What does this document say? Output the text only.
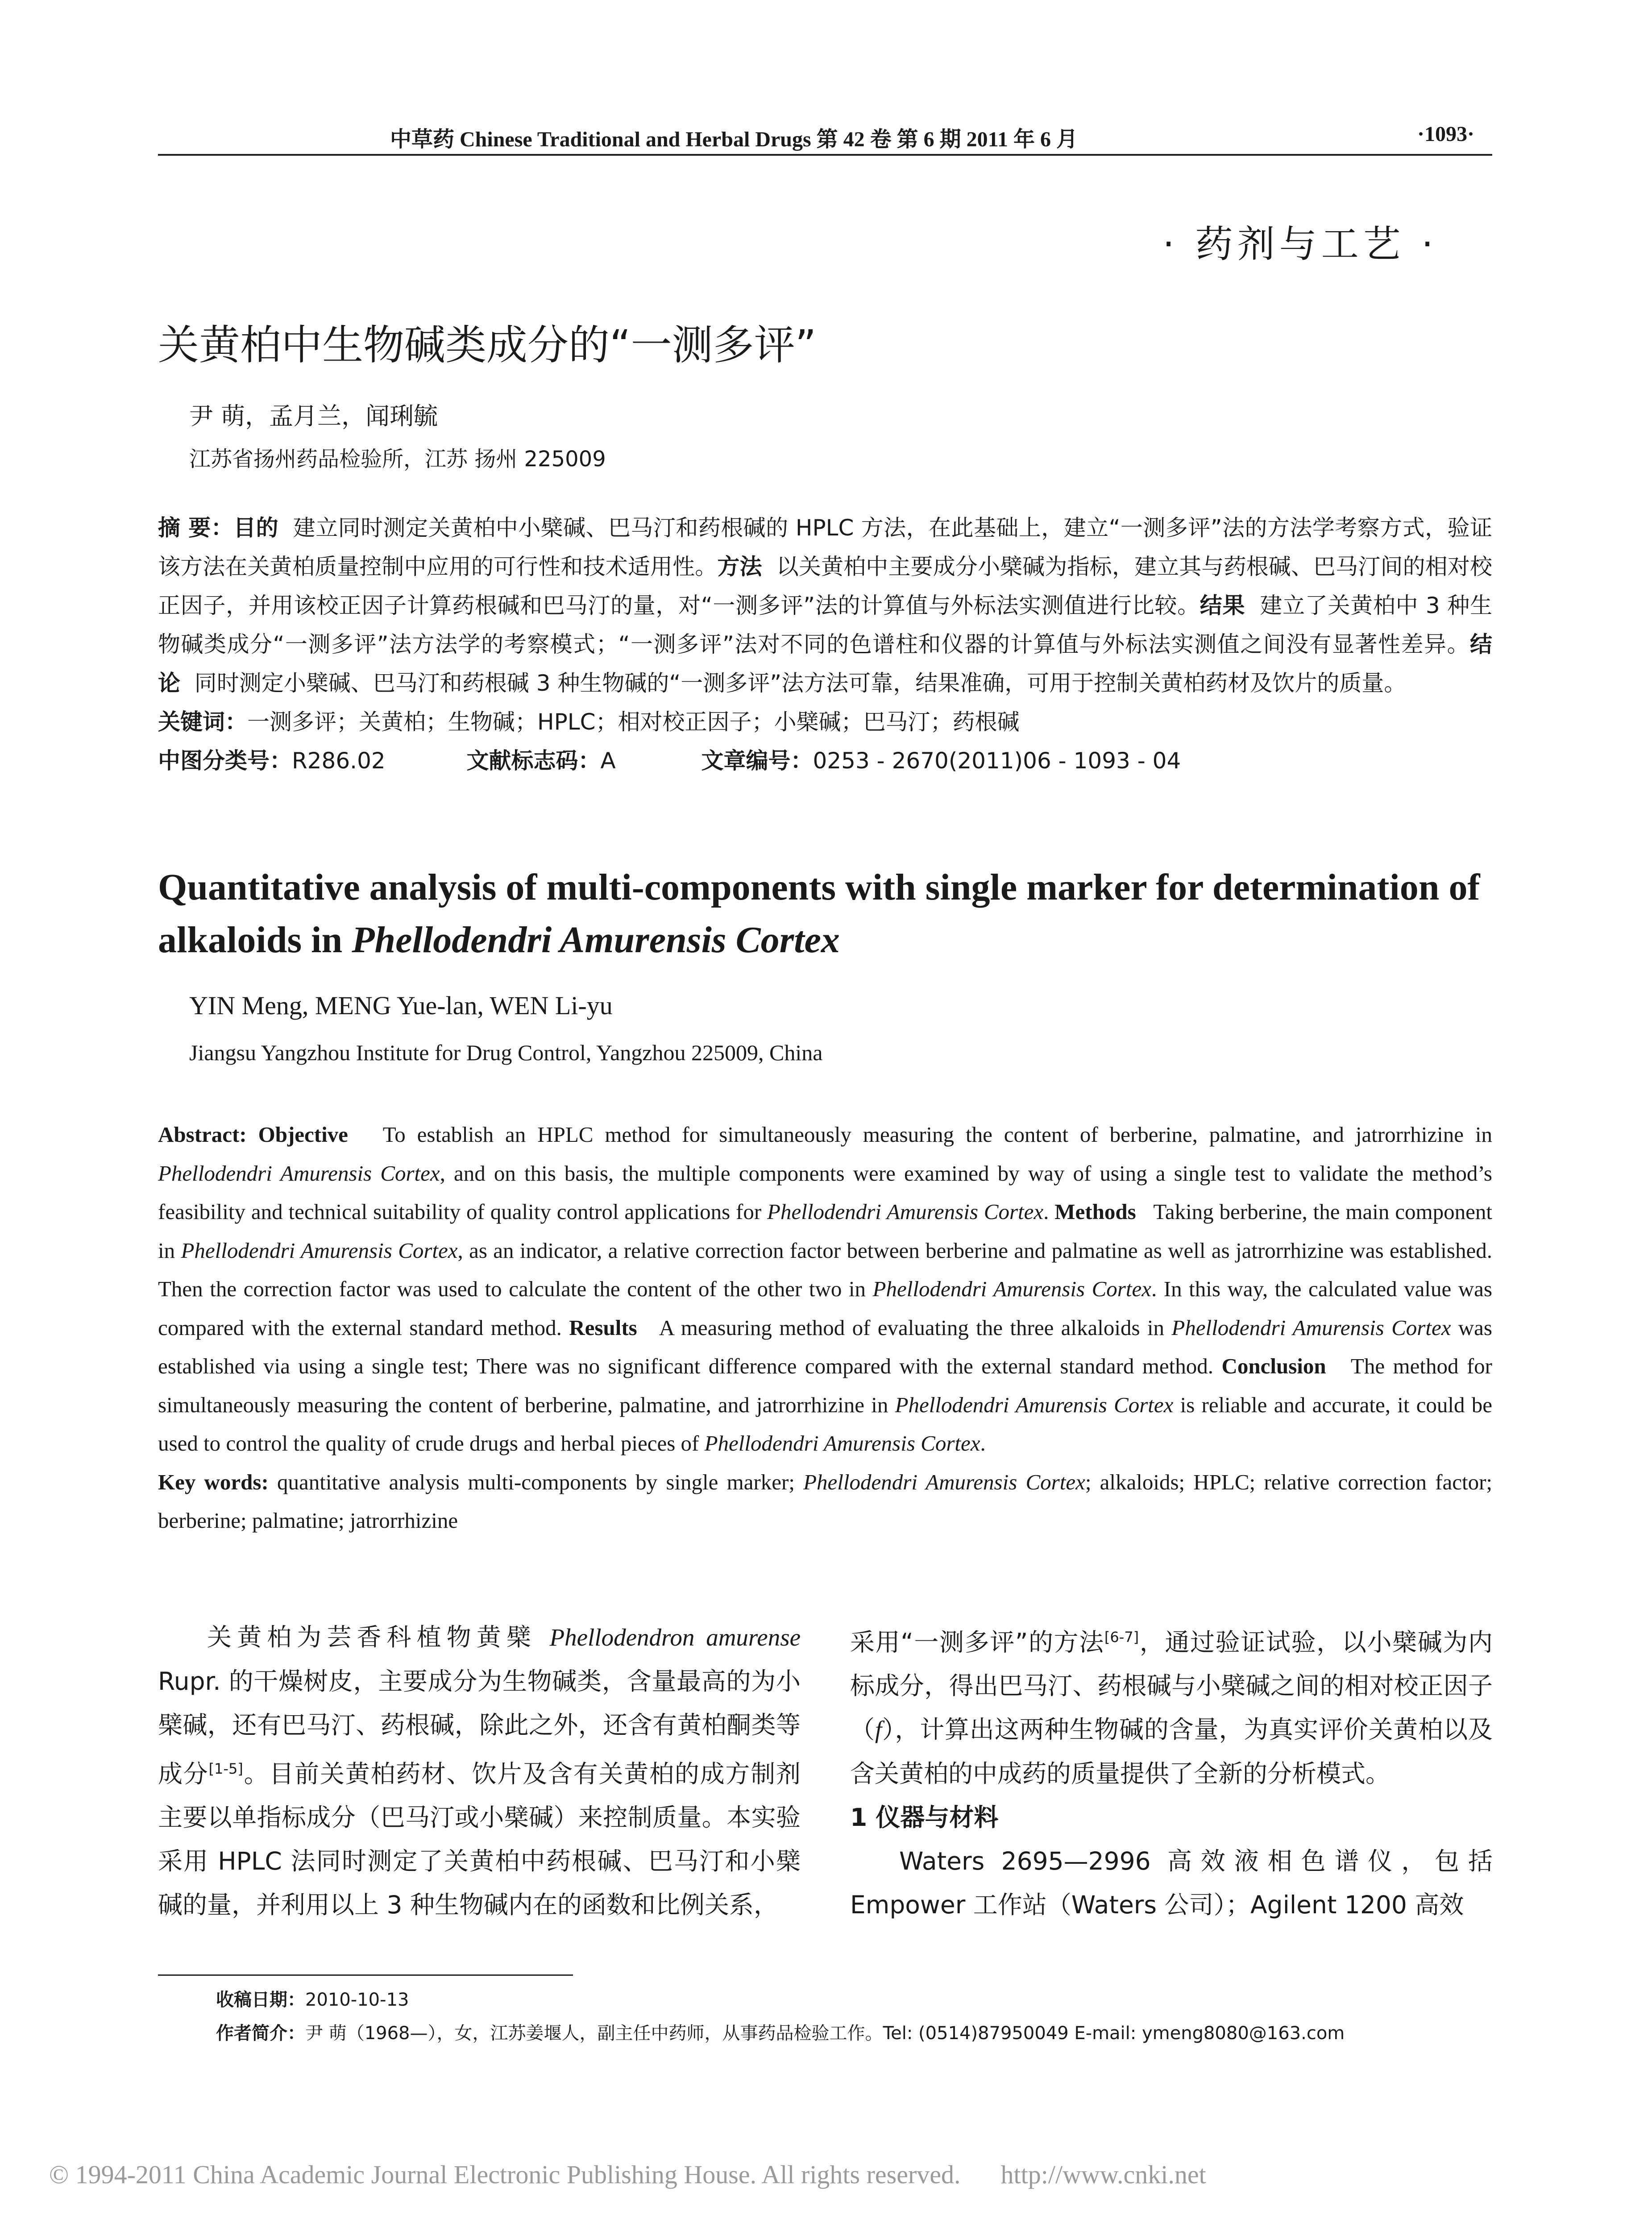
中草药 Chinese Traditional and Herbal Drugs 第 42 卷 第 6 期 2011 年 6 月	·1093·
· 药剂与工艺 ·
关黄柏中生物碱类成分的“一测多评”
尹 萌，孟月兰，闻琍毓
江苏省扬州药品检验所，江苏 扬州 225009
摘 要：目的 建立同时测定关黄柏中小檗碱、巴马汀和药根碱的 HPLC 方法，在此基础上，建立“一测多评”法的方法学考察方式，验证该方法在关黄柏质量控制中应用的可行性和技术适用性。方法 以关黄柏中主要成分小檗碱为指标，建立其与药根碱、巴马汀间的相对校正因子，并用该校正因子计算药根碱和巴马汀的量，对“一测多评”法的计算值与外标法实测值进行比较。结果 建立了关黄柏中 3 种生物碱类成分“一测多评”法方法学的考察模式；“一测多评”法对不同的色谱柱和仪器的计算值与外标法实测值之间没有显著性差异。结论 同时测定小檗碱、巴马汀和药根碱 3 种生物碱的“一测多评”法方法可靠，结果准确，可用于控制关黄柏药材及饮片的质量。
关键词：一测多评；关黄柏；生物碱；HPLC；相对校正因子；小檗碱；巴马汀；药根碱
中图分类号：R286.02	文献标志码：A	文章编号：0253 - 2670(2011)06 - 1093 - 04
Quantitative analysis of multi-components with single marker for determination of alkaloids in Phellodendri Amurensis Cortex
YIN Meng, MENG Yue-lan, WEN Li-yu
Jiangsu Yangzhou Institute for Drug Control, Yangzhou 225009, China
Abstract: Objective To establish an HPLC method for simultaneously measuring the content of berberine, palmatine, and jatrorrhizine in Phellodendri Amurensis Cortex, and on this basis, the multiple components were examined by way of using a single test to validate the method’s feasibility and technical suitability of quality control applications for Phellodendri Amurensis Cortex. Methods Taking berberine, the main component in Phellodendri Amurensis Cortex, as an indicator, a relative correction factor between berberine and palmatine as well as jatrorrhizine was established. Then the correction factor was used to calculate the content of the other two in Phellodendri Amurensis Cortex. In this way, the calculated value was compared with the external standard method. Results A measuring method of evaluating the three alkaloids in Phellodendri Amurensis Cortex was established via using a single test; There was no significant difference compared with the external standard method. Conclusion The method for simultaneously measuring the content of berberine, palmatine, and jatrorrhizine in Phellodendri Amurensis Cortex is reliable and accurate, it could be used to control the quality of crude drugs and herbal pieces of Phellodendri Amurensis Cortex.
Key words: quantitative analysis multi-components by single marker; Phellodendri Amurensis Cortex; alkaloids; HPLC; relative correction factor; berberine; palmatine; jatrorrhizine

关黄柏为芸香科植物黄檗 Phellodendron amurense Rupr. 的干燥树皮，主要成分为生物碱类，含量最高的为小檗碱，还有巴马汀、药根碱，除此之外，还含有黄柏酮类等成分[1-5]。目前关黄柏药材、饮片及含有关黄柏的成方制剂主要以单指标成分（巴马汀或小檗碱）来控制质量。本实验采用 HPLC 法同时测定了关黄柏中药根碱、巴马汀和小檗碱的量，并利用以上 3 种生物碱内在的函数和比例关系，

采用“一测多评”的方法[6-7]，通过验证试验，以小檗碱为内标成分，得出巴马汀、药根碱与小檗碱之间的相对校正因子（f），计算出这两种生物碱的含量，为真实评价关黄柏以及含关黄柏的中成药的质量提供了全新的分析模式。

1 仪器与材料

Waters 2695—2996 高效液相色谱仪，包括 Empower 工作站（Waters 公司）；Agilent 1200 高效

收稿日期：2010-10-13
作者简介：尹 萌（1968—），女，江苏姜堰人，副主任中药师，从事药品检验工作。Tel: (0514)87950049 E-mail: ymeng8080@163.com
© 1994-2011 China Academic Journal Electronic Publishing House. All rights reserved. http://www.cnki.net
